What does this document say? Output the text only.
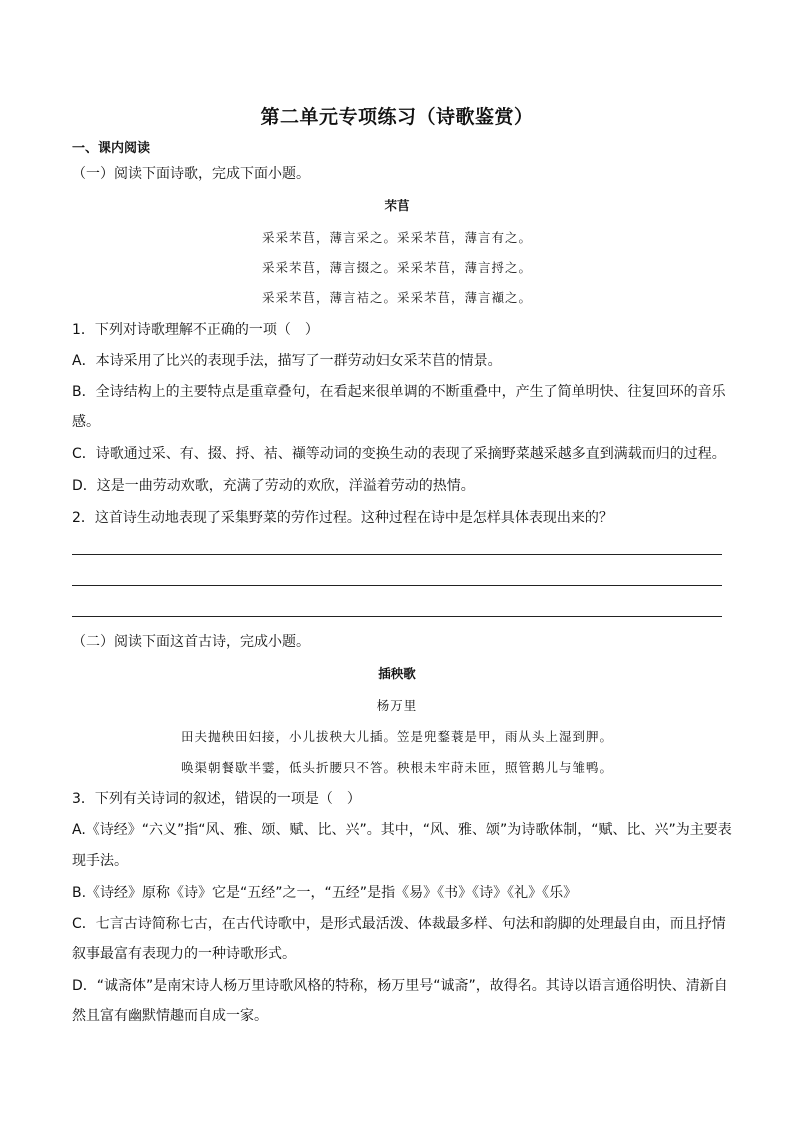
第二单元专项练习（诗歌鉴赏）
一、课内阅读
（一）阅读下面诗歌，完成下面小题。
芣苢
采采芣苢，薄言采之。采采芣苢，薄言有之。
采采芣苢，薄言掇之。采采芣苢，薄言捋之。
采采芣苢，薄言袺之。采采芣苢，薄言襭之。
1．下列对诗歌理解不正确的一项（　）
A．本诗采用了比兴的表现手法，描写了一群劳动妇女采芣苢的情景。
B．全诗结构上的主要特点是重章叠句，在看起来很单调的不断重叠中，产生了简单明快、往复回环的音乐
感。
C．诗歌通过采、有、掇、捋、袺、襭等动词的变换生动的表现了采摘野菜越采越多直到满载而归的过程。
D．这是一曲劳动欢歌，充满了劳动的欢欣，洋溢着劳动的热情。
2．这首诗生动地表现了采集野菜的劳作过程。这种过程在诗中是怎样具体表现出来的？
（二）阅读下面这首古诗，完成小题。
插秧歌
杨万里
田夫抛秧田妇接，小儿拔秧大儿插。笠是兜鍪蓑是甲，雨从头上湿到胛。
唤渠朝餐歇半霎，低头折腰只不答。秧根未牢莳未匝，照管鹅儿与雏鸭。
3．下列有关诗词的叙述，错误的一项是（　）
A.《诗经》“六义”指“风、雅、颂、赋、比、兴”。其中，“风、雅、颂”为诗歌体制，“赋、比、兴”为主要表
现手法。
B.《诗经》原称《诗》它是“五经”之一，“五经”是指《易》《书》《诗》《礼》《乐》
C．七言古诗简称七古，在古代诗歌中，是形式最活泼、体裁最多样、句法和韵脚的处理最自由，而且抒情
叙事最富有表现力的一种诗歌形式。
D．“诚斋体”是南宋诗人杨万里诗歌风格的特称，杨万里号“诚斋”，故得名。其诗以语言通俗明快、清新自
然且富有幽默情趣而自成一家。
